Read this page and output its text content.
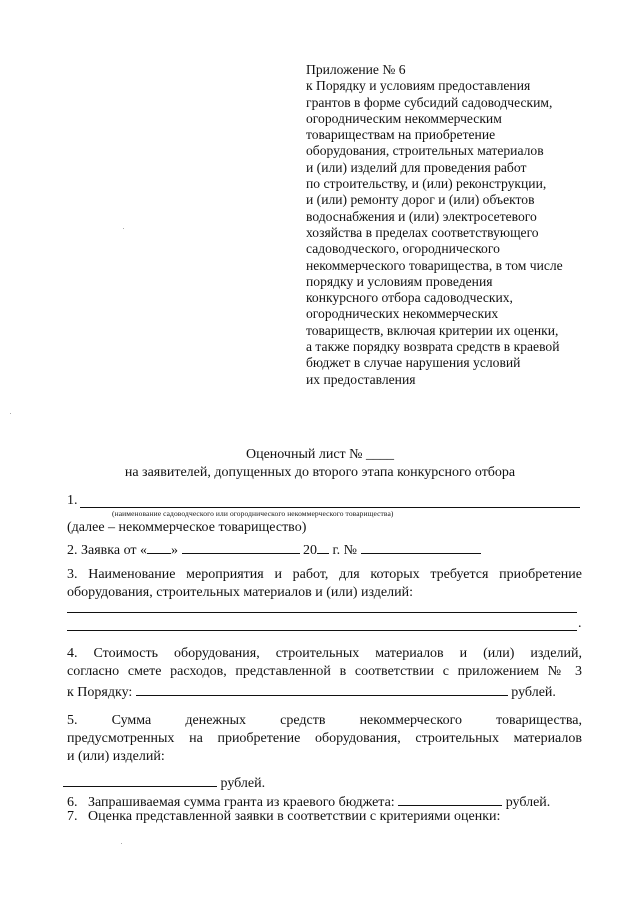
Приложение № 6
к Порядку и условиям предоставления
грантов в форме субсидий садоводческим,
огородническим некоммерческим
товариществам на приобретение
оборудования, строительных материалов
и (или) изделий для проведения работ
по строительству, и (или) реконструкции,
и (или) ремонту дорог и (или) объектов
водоснабжения и (или) электросетевого
хозяйства в пределах соответствующего
садоводческого, огороднического
некоммерческого товарищества, в том числе
порядку и условиям проведения
конкурсного отбора садоводческих,
огороднических некоммерческих
товариществ, включая критерии их оценки,
а также порядку возврата средств в краевой
бюджет в случае нарушения условий
их предоставления
Оценочный лист № ____
на заявителей, допущенных до второго этапа конкурсного отбора
1.
(наименование садоводческого или огороднического некоммерческого товарищества)
(далее – некоммерческое товарищество)
2. Заявка от « »	20 г. №
3. Наименование мероприятия и работ, для которых требуется приобретение
оборудования, строительных материалов и (или) изделий:
.
4. Стоимость оборудования, строительных материалов и (или) изделий,
согласно смете расходов, представленной в соответствии с приложением № 3
к Порядку:	рублей.
5. Сумма денежных средств некоммерческого товарищества,
предусмотренных на приобретение оборудования, строительных материалов
и (или) изделий:
рублей.
6. Запрашиваемая сумма гранта из краевого бюджета:	рублей.
7. Оценка представленной заявки в соответствии с критериями оценки:
